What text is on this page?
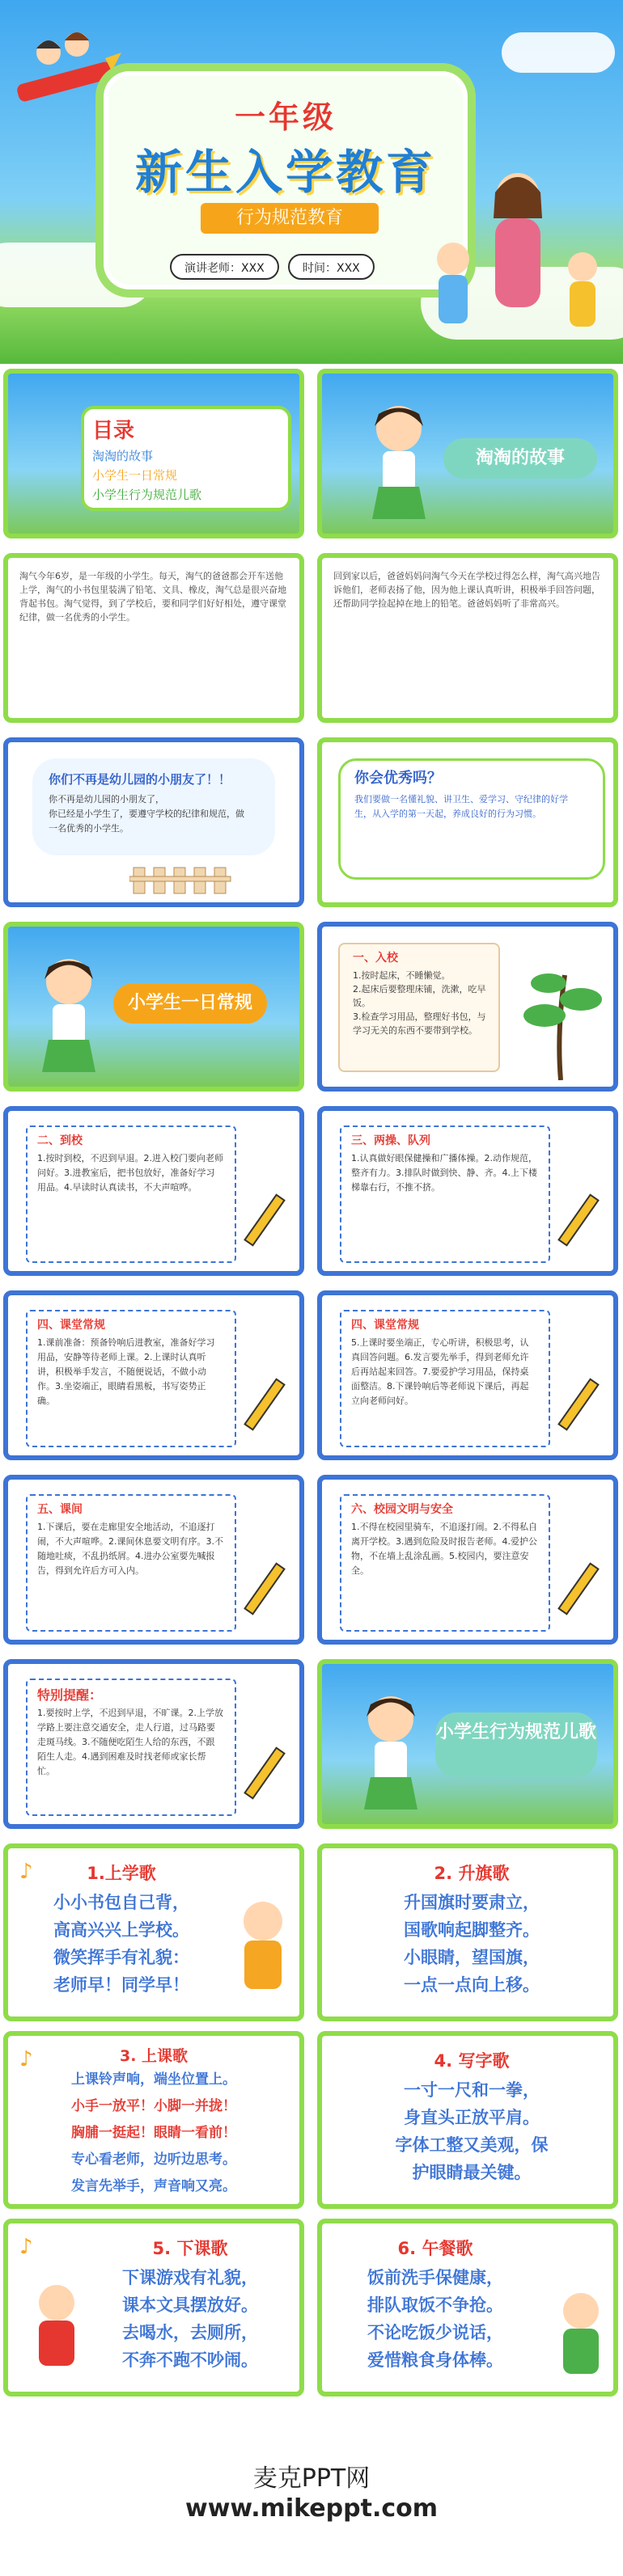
一年级
新生入学教育
行为规范教育
演讲老师：XXX	时间：XXX
目录
淘淘的故事
小学生一日常规
小学生行为规范儿歌
淘淘的故事
淘气今年6岁，是一年级的小学生。每天，淘气的爸爸都会开车送他上学，淘气的小书包里装满了铅笔、文具、橡皮，淘气总是很兴奋地背起书包。淘气觉得，到了学校后，要和同学们好好相处，遵守课堂纪律，做一名优秀的小学生。
回到家以后，爸爸妈妈问淘气今天在学校过得怎么样，淘气高兴地告诉他们，老师表扬了他，因为他上课认真听讲，积极举手回答问题，还帮助同学捡起掉在地上的铅笔。爸爸妈妈听了非常高兴。
你们不再是幼儿园的小朋友了！！
你不再是幼儿园的小朋友了，
你已经是小学生了，要遵守学校的纪律和规范，做一名优秀的小学生。
你会优秀吗？
我们要做一名懂礼貌、讲卫生、爱学习、守纪律的好学生，从入学的第一天起，养成良好的行为习惯。
小学生一日常规
一、入校
1.按时起床，不睡懒觉。
2.起床后要整理床铺，洗漱，吃早饭。
3.检查学习用品，整理好书包，与学习无关的东西不要带到学校。
二、到校
1.按时到校，不迟到早退。2.进入校门要向老师问好。3.进教室后，把书包放好，准备好学习用品。4.早读时认真读书，不大声喧哗。
三、两操、队列
1.认真做好眼保健操和广播体操。2.动作规范，整齐有力。3.排队时做到快、静、齐。4.上下楼梯靠右行，不推不挤。
四、课堂常规
1.课前准备：预备铃响后进教室，准备好学习用品，安静等待老师上课。2.上课时认真听讲，积极举手发言，不随便说话，不做小动作。3.坐姿端正，眼睛看黑板，书写姿势正确。
四、课堂常规
5.上课时要坐端正，专心听讲，积极思考，认真回答问题。6.发言要先举手，得到老师允许后再站起来回答。7.要爱护学习用品，保持桌面整洁。8.下课铃响后等老师说下课后，再起立向老师问好。
五、课间
1.下课后，要在走廊里安全地活动，不追逐打闹，不大声喧哗。2.课间休息要文明有序。3.不随地吐痰，不乱扔纸屑。4.进办公室要先喊报告，得到允许后方可入内。
六、校园文明与安全
1.不得在校园里骑车，不追逐打闹。2.不得私自离开学校。3.遇到危险及时报告老师。4.爱护公物，不在墙上乱涂乱画。5.校园内，要注意安全。
特别提醒：
1.要按时上学，不迟到早退，不旷课。2.上学放学路上要注意交通安全，走人行道，过马路要走斑马线。3.不随便吃陌生人给的东西，不跟陌生人走。4.遇到困难及时找老师或家长帮忙。
小学生行为规范儿歌
♪	1.上学歌
小小书包自己背，
高高兴兴上学校。
微笑挥手有礼貌：
老师早！同学早！
2. 升旗歌
升国旗时要肃立，
国歌响起脚整齐。
小眼睛，望国旗，
一点一点向上移。
♪	3. 上课歌
上课铃声响，端坐位置上。
小手一放平！小脚一并拢！
胸脯一挺起！眼睛一看前！
专心看老师，边听边思考。
发言先举手，声音响又亮。
4. 写字歌
一寸一尺和一拳，
身直头正放平肩。
字体工整又美观，保
护眼睛最关键。
♪	5. 下课歌
下课游戏有礼貌，
课本文具摆放好。
去喝水，去厕所，
不奔不跑不吵闹。
6. 午餐歌
饭前洗手保健康，
排队取饭不争抢。
不论吃饭少说话，
爱惜粮食身体棒。
麦克PPT网
www.mikeppt.com
